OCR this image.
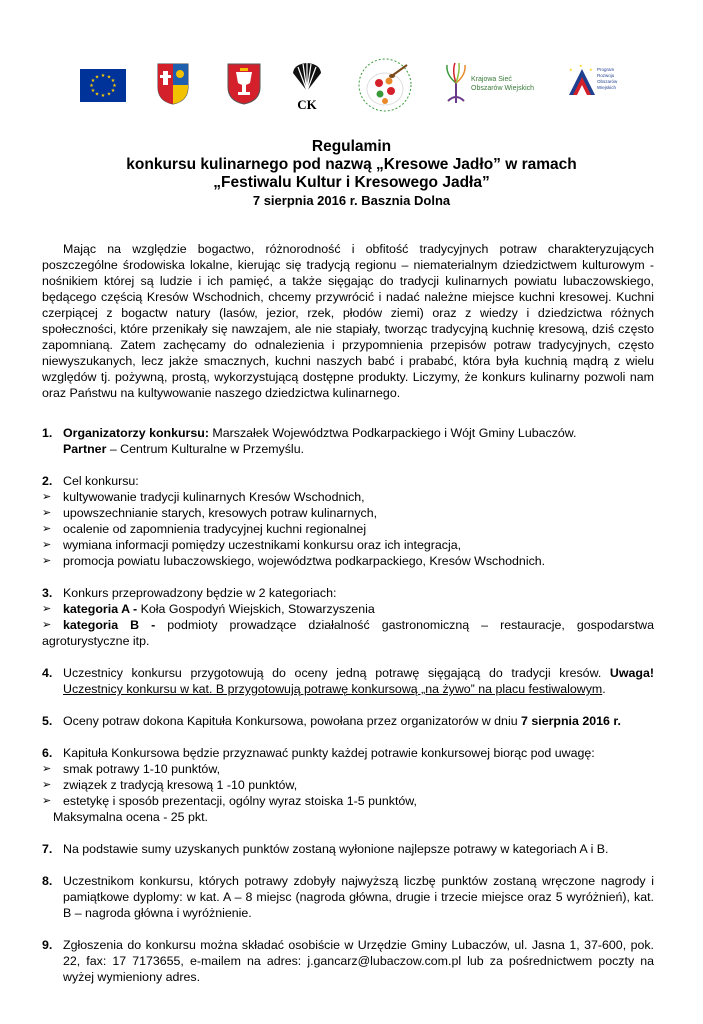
★ ★
★
★
★
★
★
★
★
★
★
★
CK
Krajowa Sieć
Obszarów Wiejskich
★	★
★
Program
Rozwoju
Obszarów
Wiejskich
Regulamin
konkursu kulinarnego pod nazwą „Kresowe Jadło” w ramach
„Festiwalu Kultur i Kresowego Jadła”
7 sierpnia 2016 r. Basznia Dolna

Mając na względzie bogactwo, różnorodność i obfitość tradycyjnych potraw charakteryzujących poszczególne środowiska lokalne, kierując się tradycją regionu – niematerialnym dziedzictwem kulturowym - nośnikiem której są ludzie i ich pamięć, a także sięgając do tradycji kulinarnych powiatu lubaczowskiego, będącego częścią Kresów Wschodnich, chcemy przywrócić i nadać należne miejsce kuchni kresowej. Kuchni czerpiącej z bogactw natury (lasów, jezior, rzek, płodów ziemi) oraz z wiedzy i dziedzictwa różnych społeczności, które przenikały się nawzajem, ale nie stapiały, tworząc tradycyjną kuchnię kresową, dziś często zapomnianą. Zatem zachęcamy do odnalezienia i przypomnienia przepisów potraw tradycyjnych, często niewyszukanych, lecz jakże smacznych, kuchni naszych babć i prababć, która była kuchnią mądrą z wielu względów tj. pożywną, prostą, wykorzystującą dostępne produkty. Liczymy, że konkurs kulinarny pozwoli nam oraz Państwu na kultywowanie naszego dziedzictwa kulinarnego.

1. Organizatorzy konkursu: Marszałek Województwa Podkarpackiego i Wójt Gminy Lubaczów.

Partner – Centrum Kulturalne w Przemyślu.

2. Cel konkursu:

➢ kultywowanie tradycji kulinarnych Kresów Wschodnich,
➢ upowszechnianie starych, kresowych potraw kulinarnych,
➢ ocalenie od zapomnienia tradycyjnej kuchni regionalnej
➢ wymiana informacji pomiędzy uczestnikami konkursu oraz ich integracja,
➢ promocja powiatu lubaczowskiego, województwa podkarpackiego, Kresów Wschodnich.

3. Konkurs przeprowadzony będzie w 2 kategoriach:

➢ kategoria A - Koła Gospodyń Wiejskich, Stowarzyszenia
➢ kategoria B - podmioty prowadzące działalność gastronomiczną – restauracje, gospodarstwa agroturystyczne itp.
4. Uczestnicy konkursu przygotowują do oceny jedną potrawę sięgającą do tradycji kresów. Uwaga! Uczestnicy konkursu w kat. B przygotowują potrawę konkursową „na żywo” na placu festiwalowym.

5. Oceny potraw dokona Kapituła Konkursowa, powołana przez organizatorów w dniu 7 sierpnia 2016 r.

6. Kapituła Konkursowa będzie przyznawać punkty każdej potrawie konkursowej biorąc pod uwagę:

➢ smak potrawy 1-10 punktów,
➢ związek z tradycją kresową 1 -10 punktów,
➢ estetykę i sposób prezentacji, ogólny wyraz stoiska 1-5 punktów,

Maksymalna ocena - 25 pkt.

7. Na podstawie sumy uzyskanych punktów zostaną wyłonione najlepsze potrawy w kategoriach A i B.

8. Uczestnikom konkursu, których potrawy zdobyły najwyższą liczbę punktów zostaną wręczone nagrody i pamiątkowe dyplomy: w kat. A – 8 miejsc (nagroda główna, drugie i trzecie miejsce oraz 5 wyróżnień), kat. B – nagroda główna i wyróżnienie.

9. Zgłoszenia do konkursu można składać osobiście w Urzędzie Gminy Lubaczów, ul. Jasna 1, 37-600, pok. 22, fax: 17 7173655, e-mailem na adres: j.gancarz@lubaczow.com.pl lub za pośrednictwem poczty na wyżej wymieniony adres.
